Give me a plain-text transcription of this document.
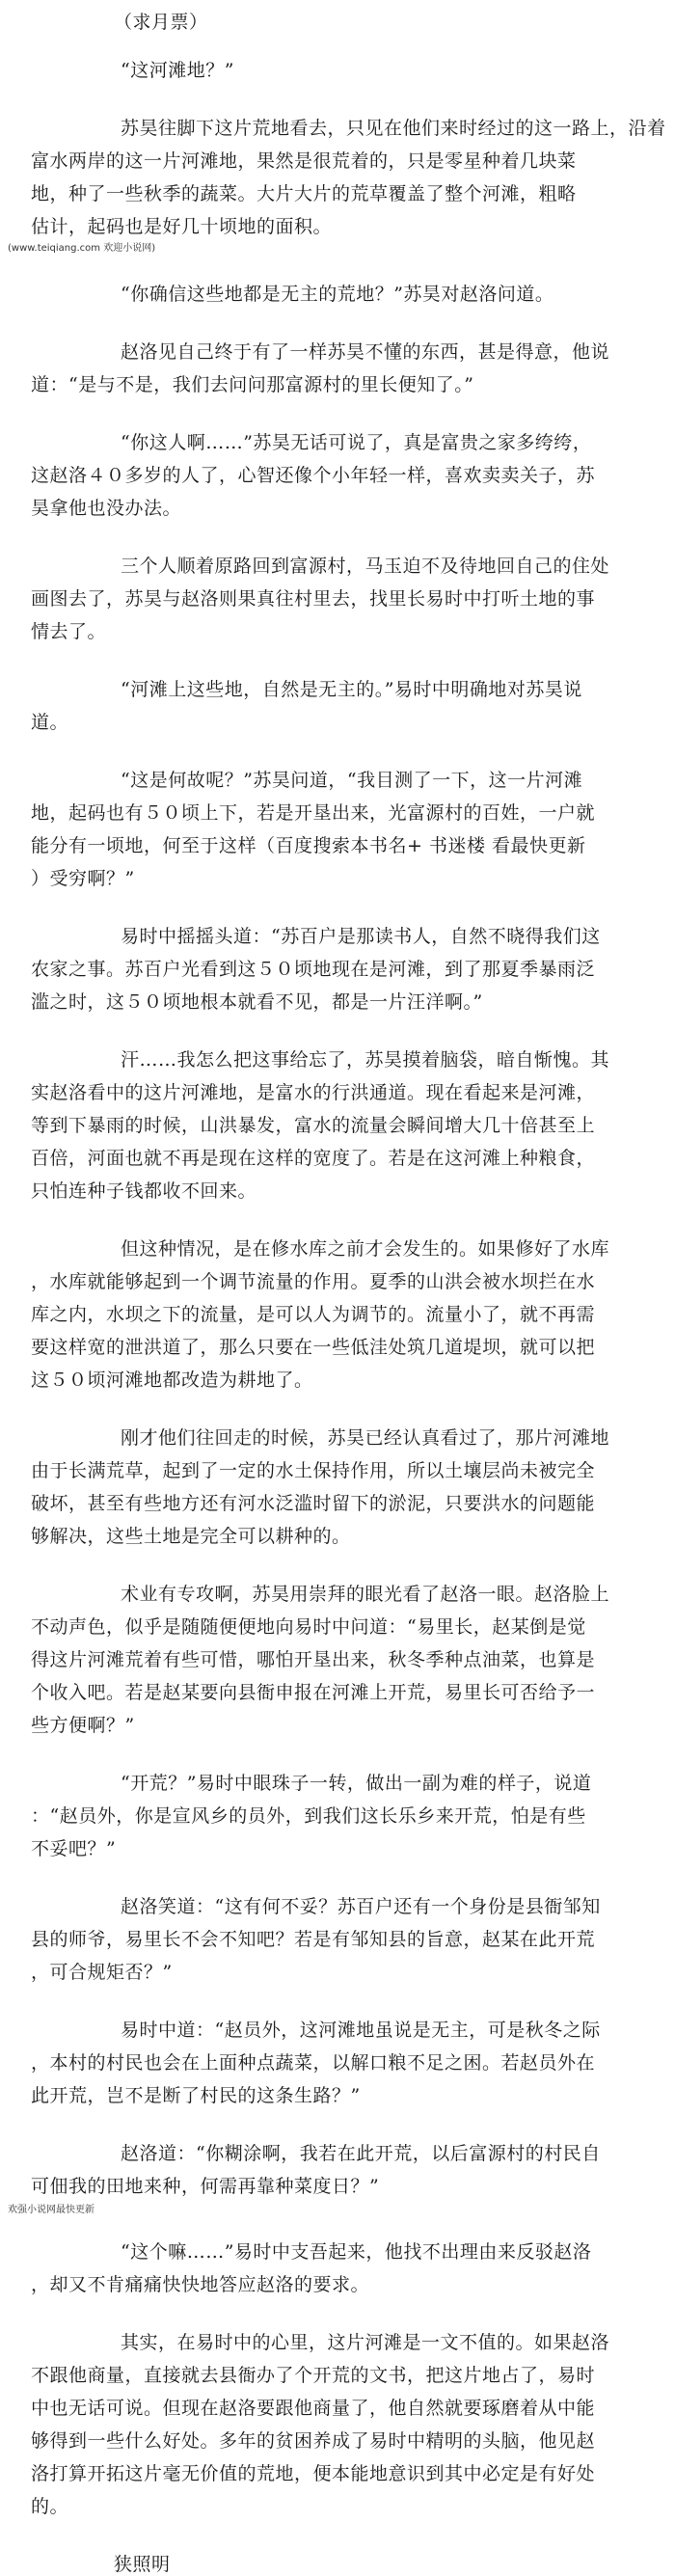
（求月票）
“这河滩地？”
苏昊往脚下这片荒地看去，只见在他们来时经过的这一路上，沿着
富水两岸的这一片河滩地，果然是很荒着的，只是零星种着几块菜
地，种了一些秋季的蔬菜。大片大片的荒草覆盖了整个河滩，粗略
估计，起码也是好几十顷地的面积。
(www.teiqiang.com 欢迎小说网)
“你确信这些地都是无主的荒地？”苏昊对赵洛问道。
赵洛见自己终于有了一样苏昊不懂的东西，甚是得意，他说
道：“是与不是，我们去问问那富源村的里长便知了。”
“你这人啊……”苏昊无话可说了，真是富贵之家多绔绔，
这赵洛４０多岁的人了，心智还像个小年轻一样，喜欢卖卖关子，苏
昊拿他也没办法。
三个人顺着原路回到富源村，马玉迫不及待地回自己的住处
画图去了，苏昊与赵洛则果真往村里去，找里长易时中打听土地的事
情去了。
“河滩上这些地，自然是无主的。”易时中明确地对苏昊说
道。
“这是何故呢？”苏昊问道，“我目测了一下，这一片河滩
地，起码也有５０顷上下，若是开垦出来，光富源村的百姓，一户就
能分有一顷地，何至于这样（百度搜索本书名+ 书迷楼 看最快更新
）受穷啊？”
易时中摇摇头道：“苏百户是那读书人，自然不晓得我们这
农家之事。苏百户光看到这５０顷地现在是河滩，到了那夏季暴雨泛
滥之时，这５０顷地根本就看不见，都是一片汪洋啊。”
汗……我怎么把这事给忘了，苏昊摸着脑袋，暗自惭愧。其
实赵洛看中的这片河滩地，是富水的行洪通道。现在看起来是河滩，
等到下暴雨的时候，山洪暴发，富水的流量会瞬间增大几十倍甚至上
百倍，河面也就不再是现在这样的宽度了。若是在这河滩上种粮食，
只怕连种子钱都收不回来。
但这种情况，是在修水库之前才会发生的。如果修好了水库
，水库就能够起到一个调节流量的作用。夏季的山洪会被水坝拦在水
库之内，水坝之下的流量，是可以人为调节的。流量小了，就不再需
要这样宽的泄洪道了，那么只要在一些低洼处筑几道堤坝，就可以把
这５０顷河滩地都改造为耕地了。
刚才他们往回走的时候，苏昊已经认真看过了，那片河滩地
由于长满荒草，起到了一定的水土保持作用，所以土壤层尚未被完全
破坏，甚至有些地方还有河水泛滥时留下的淤泥，只要洪水的问题能
够解决，这些土地是完全可以耕种的。
术业有专攻啊，苏昊用崇拜的眼光看了赵洛一眼。赵洛脸上
不动声色，似乎是随随便便地向易时中问道：“易里长，赵某倒是觉
得这片河滩荒着有些可惜，哪怕开垦出来，秋冬季种点油菜，也算是
个收入吧。若是赵某要向县衙申报在河滩上开荒，易里长可否给予一
些方便啊？”
“开荒？”易时中眼珠子一转，做出一副为难的样子，说道
：“赵员外，你是宣风乡的员外，到我们这长乐乡来开荒，怕是有些
不妥吧？”
赵洛笑道：“这有何不妥？苏百户还有一个身份是县衙邹知
县的师爷，易里长不会不知吧？若是有邹知县的旨意，赵某在此开荒
，可合规矩否？”
易时中道：“赵员外，这河滩地虽说是无主，可是秋冬之际
，本村的村民也会在上面种点蔬菜，以解口粮不足之困。若赵员外在
此开荒，岂不是断了村民的这条生路？”
赵洛道：“你糊涂啊，我若在此开荒，以后富源村的村民自
可佃我的田地来种，何需再靠种菜度日？”
欢强小说网最快更新
“这个嘛……”易时中支吾起来，他找不出理由来反驳赵洛
，却又不肯痛痛快快地答应赵洛的要求。
其实，在易时中的心里，这片河滩是一文不值的。如果赵洛
不跟他商量，直接就去县衙办了个开荒的文书，把这片地占了，易时
中也无话可说。但现在赵洛要跟他商量了，他自然就要琢磨着从中能
够得到一些什么好处。多年的贫困养成了易时中精明的头脑，他见赵
洛打算开拓这片毫无价值的荒地，便本能地意识到其中必定是有好处
的。
狭照明
